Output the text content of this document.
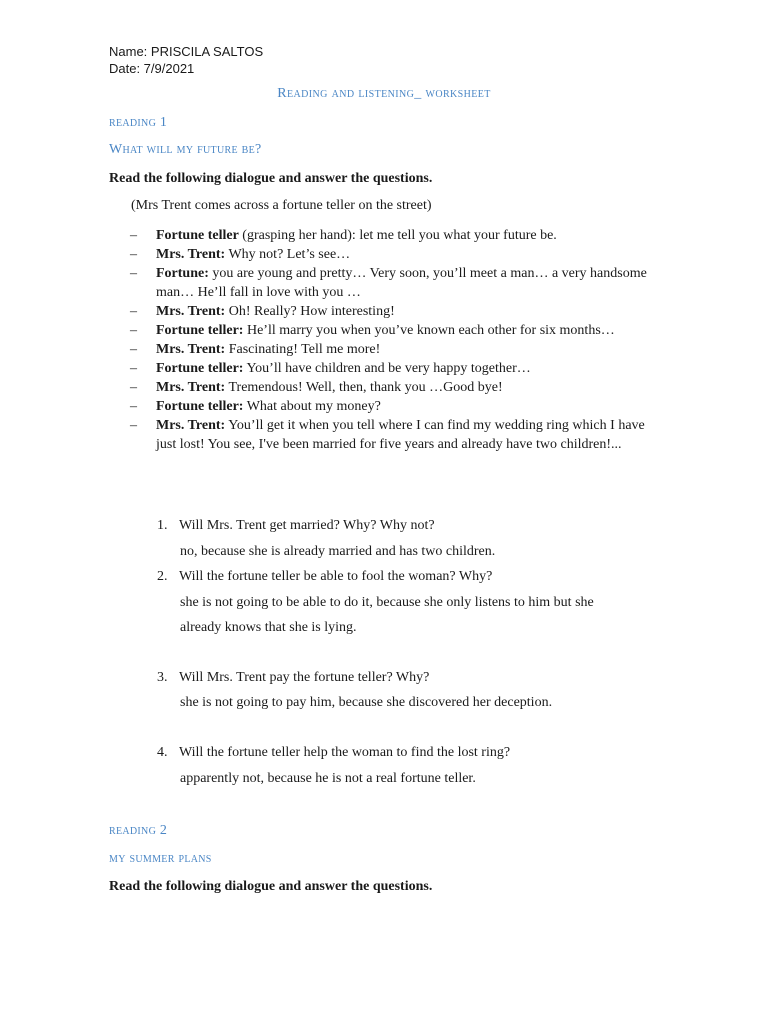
Name: PRISCILA SALTOS
Date: 7/9/2021
Reading and listening_ worksheet
reading 1
What will my future be?
Read the following dialogue and answer the questions.
(Mrs Trent comes across a fortune teller on the street)
– Fortune teller (grasping her hand): let me tell you what your future be.
– Mrs. Trent: Why not? Let’s see…
– Fortune: you are young and pretty… Very soon, you’ll meet a man… a very handsome man… He’ll fall in love with you …
– Mrs. Trent: Oh! Really? How interesting!
– Fortune teller: He’ll marry you when you’ve known each other for six months…
– Mrs. Trent: Fascinating! Tell me more!
– Fortune teller: You’ll have children and be very happy together…
– Mrs. Trent: Tremendous! Well, then, thank you …Good bye!
– Fortune teller: What about my money?
– Mrs. Trent: You’ll get it when you tell where I can find my wedding ring which I have just lost! You see, I've been married for five years and already have two children!...
1. Will Mrs. Trent get married? Why? Why not?
no, because she is already married and has two children.
2. Will the fortune teller be able to fool the woman? Why?
she is not going to be able to do it, because she only listens to him but she
already knows that she is lying.
3. Will Mrs. Trent pay the fortune teller? Why?
she is not going to pay him, because she discovered her deception.
4. Will the fortune teller help the woman to find the lost ring?
apparently not, because he is not a real fortune teller.
reading 2
my summer plans
Read the following dialogue and answer the questions.
